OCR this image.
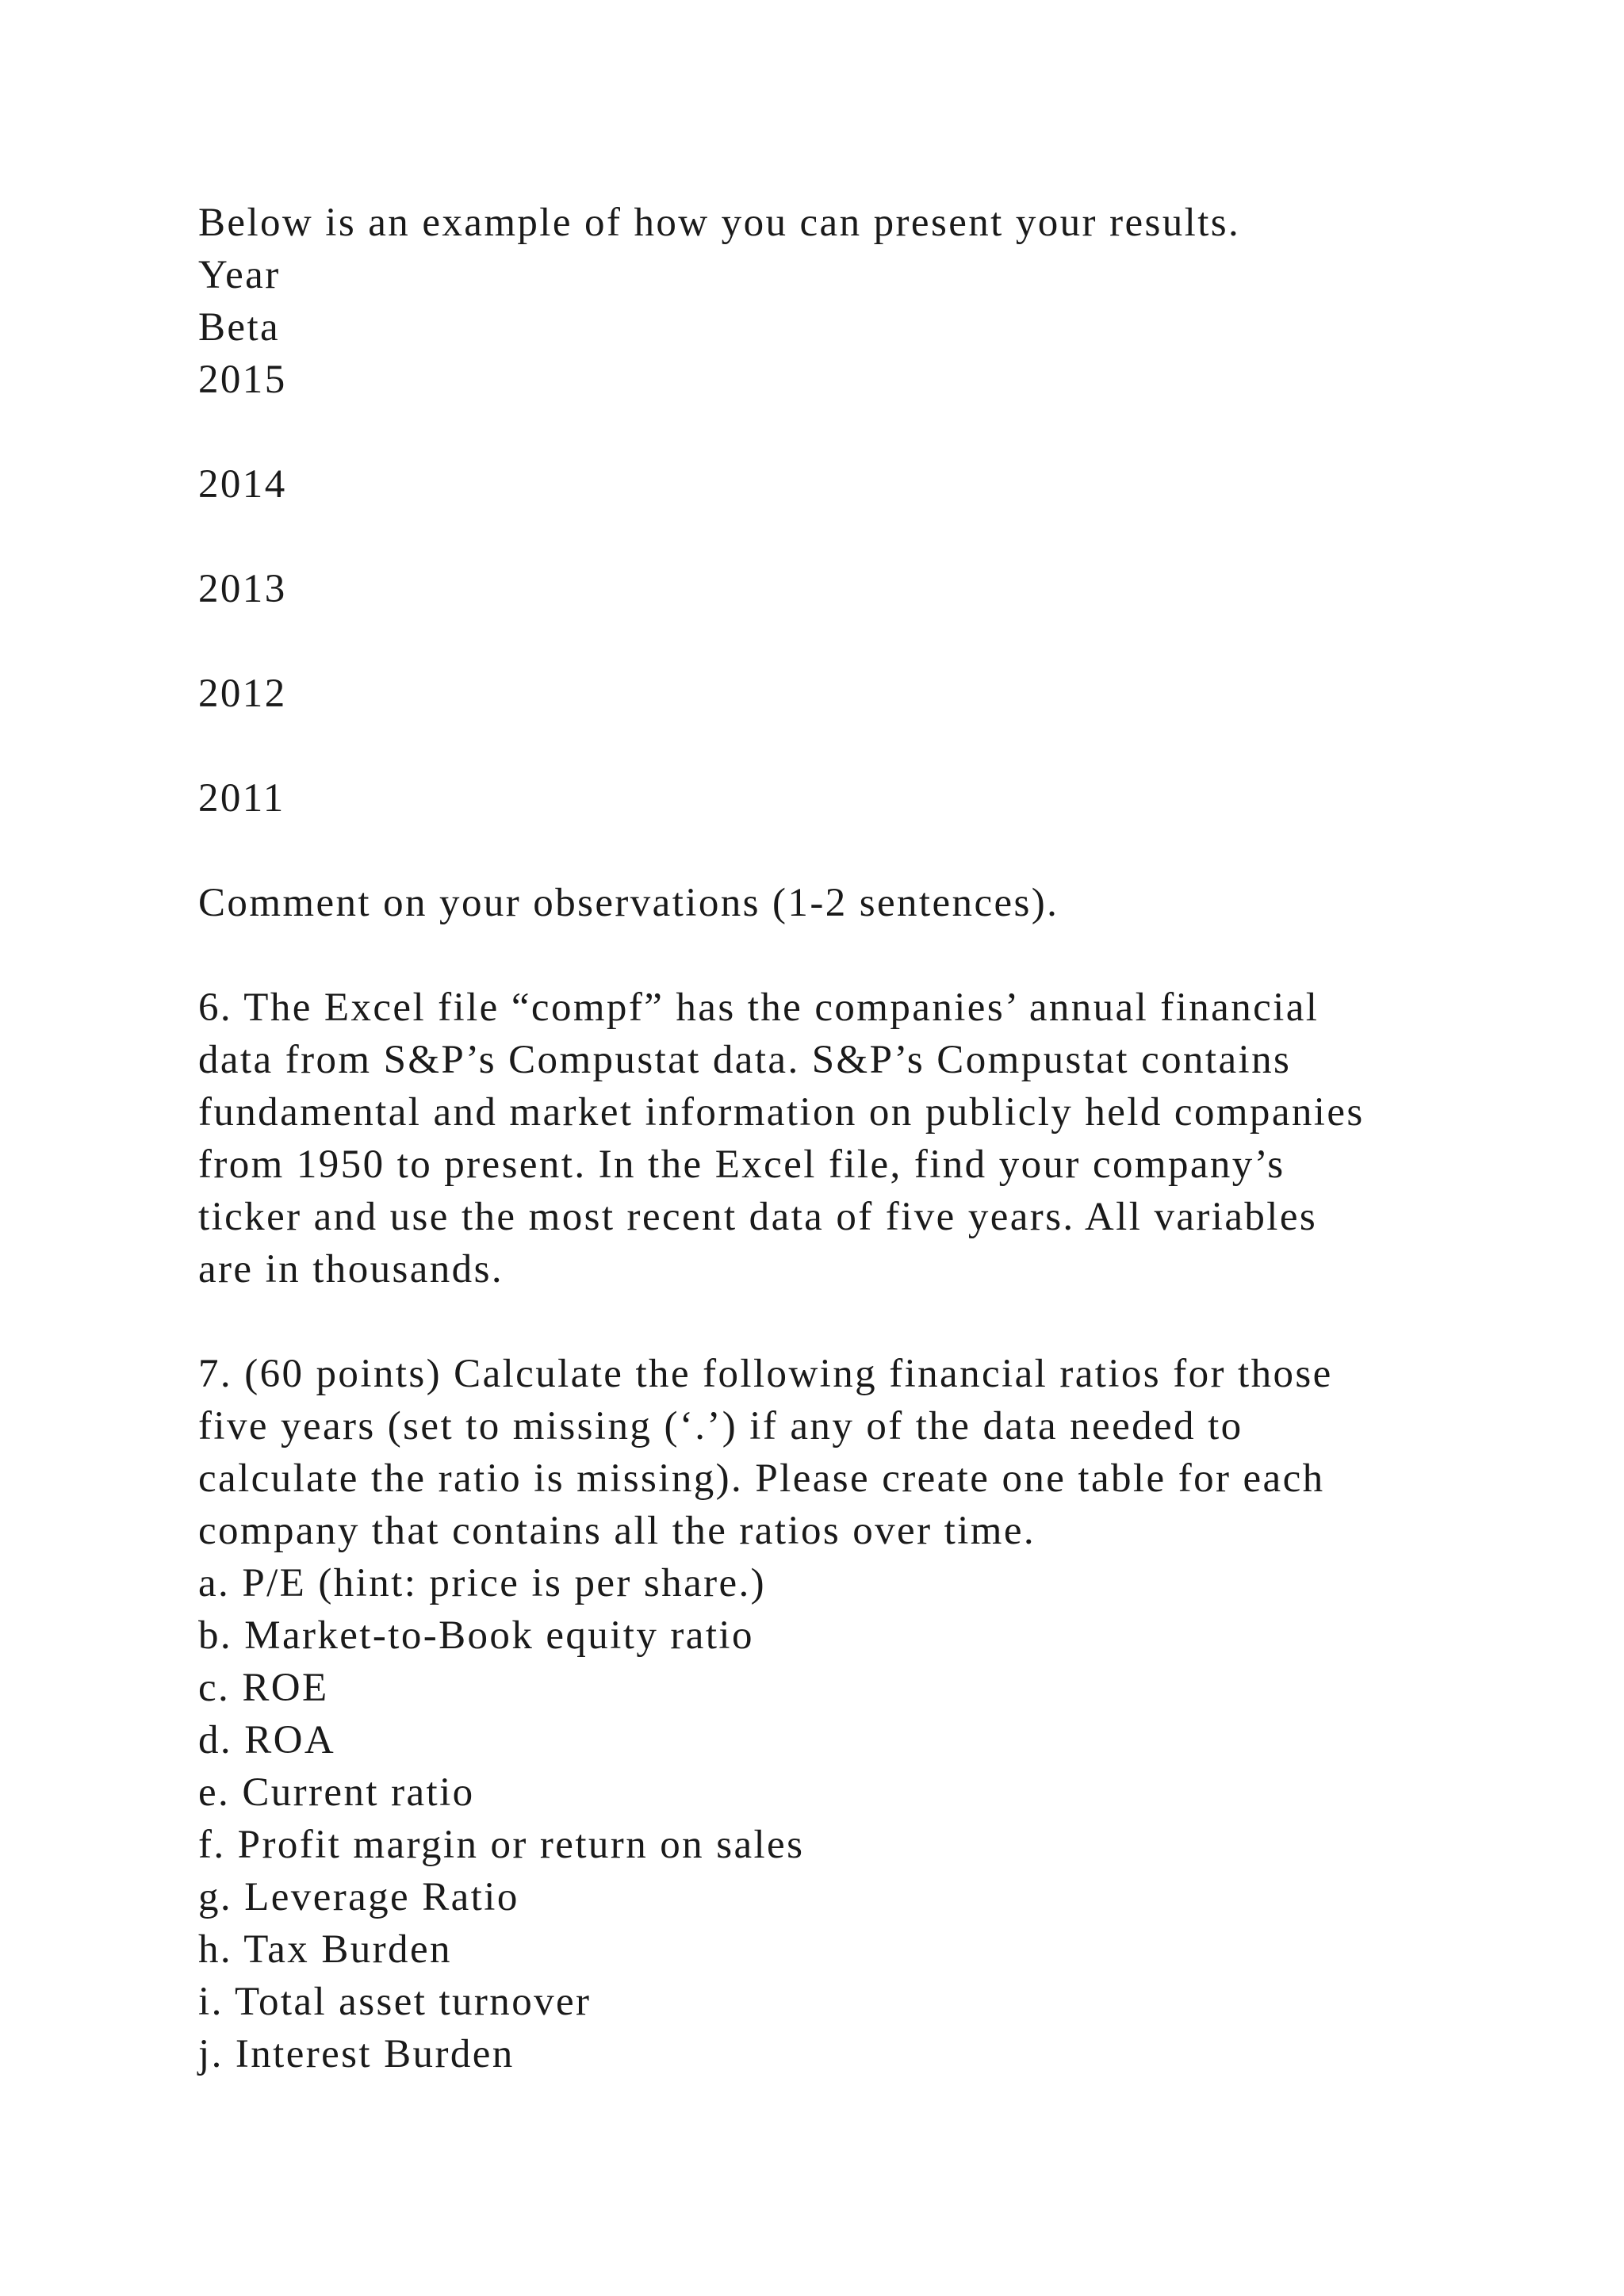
Below is an example of how you can present your results.
Year
Beta
2015
2014
2013
2012
2011
Comment on your observations (1-2 sentences).
6. The Excel file “compf” has the companies’ annual financial
data from S&P’s Compustat data. S&P’s Compustat contains
fundamental and market information on publicly held companies
from 1950 to present. In the Excel file, find your company’s
ticker and use the most recent data of five years. All variables
are in thousands.
7. (60 points) Calculate the following financial ratios for those
five years (set to missing (‘.’) if any of the data needed to
calculate the ratio is missing). Please create one table for each
company that contains all the ratios over time.
a. P/E (hint: price is per share.)
b. Market-to-Book equity ratio
c. ROE
d. ROA
e. Current ratio
f. Profit margin or return on sales
g. Leverage Ratio
h. Tax Burden
i. Total asset turnover
j. Interest Burden
